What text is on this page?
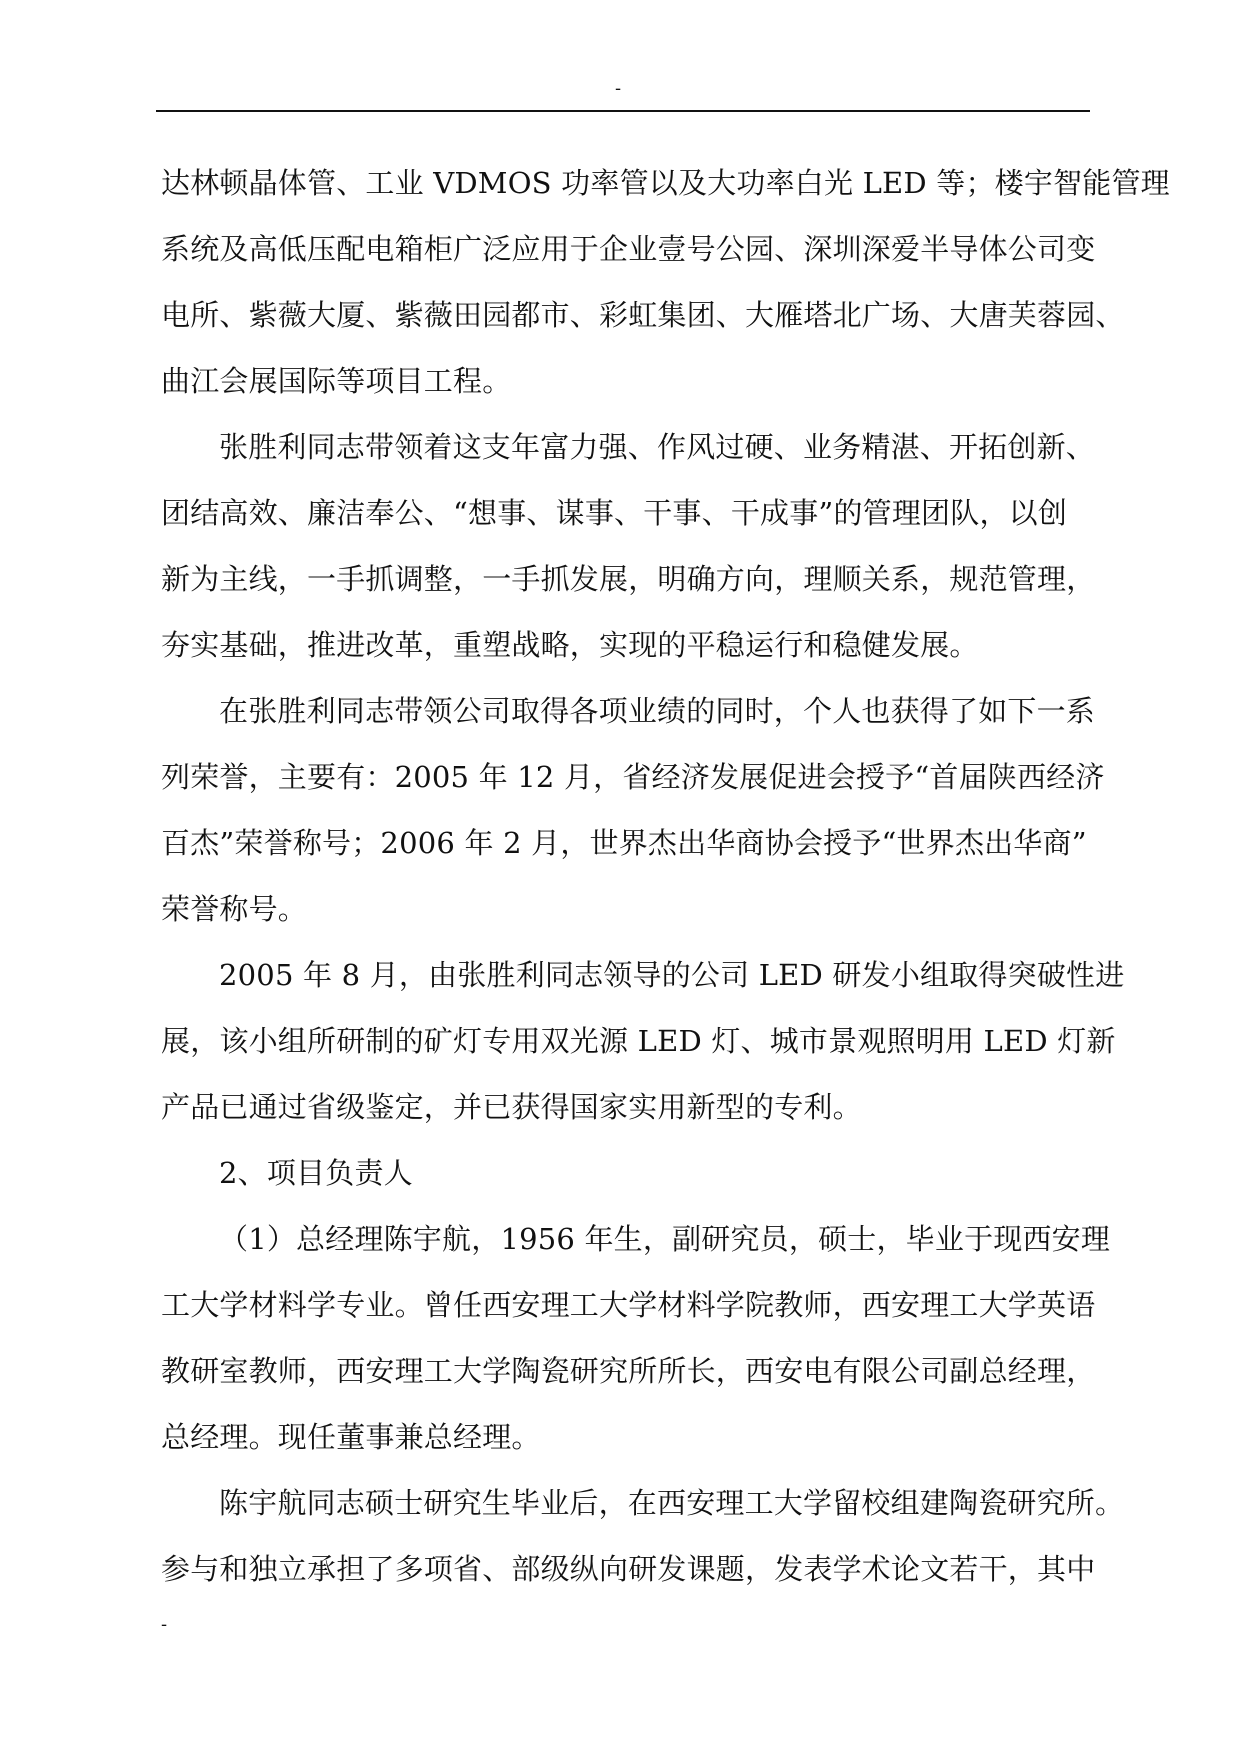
-
达林顿晶体管、工业 VDMOS 功率管以及大功率白光 LED 等；楼宇智能管理
系统及高低压配电箱柜广泛应用于企业壹号公园、深圳深爱半导体公司变
电所、紫薇大厦、紫薇田园都市、彩虹集团、大雁塔北广场、大唐芙蓉园、
曲江会展国际等项目工程。
张胜利同志带领着这支年富力强、作风过硬、业务精湛、开拓创新、
团结高效、廉洁奉公、“想事、谋事、干事、干成事”的管理团队，以创
新为主线，一手抓调整，一手抓发展，明确方向，理顺关系，规范管理，
夯实基础，推进改革，重塑战略，实现的平稳运行和稳健发展。
在张胜利同志带领公司取得各项业绩的同时，个人也获得了如下一系
列荣誉，主要有：2005 年 12 月，省经济发展促进会授予“首届陕西经济
百杰”荣誉称号；2006 年 2 月，世界杰出华商协会授予“世界杰出华商”
荣誉称号。
2005 年 8 月，由张胜利同志领导的公司 LED 研发小组取得突破性进
展，该小组所研制的矿灯专用双光源 LED 灯、城市景观照明用 LED 灯新
产品已通过省级鉴定，并已获得国家实用新型的专利。
2、项目负责人
（1）总经理陈宇航，1956 年生，副研究员，硕士，毕业于现西安理
工大学材料学专业。曾任西安理工大学材料学院教师，西安理工大学英语
教研室教师，西安理工大学陶瓷研究所所长，西安电有限公司副总经理，
总经理。现任董事兼总经理。
陈宇航同志硕士研究生毕业后，在西安理工大学留校组建陶瓷研究所。
参与和独立承担了多项省、部级纵向研发课题，发表学术论文若干，其中
-
